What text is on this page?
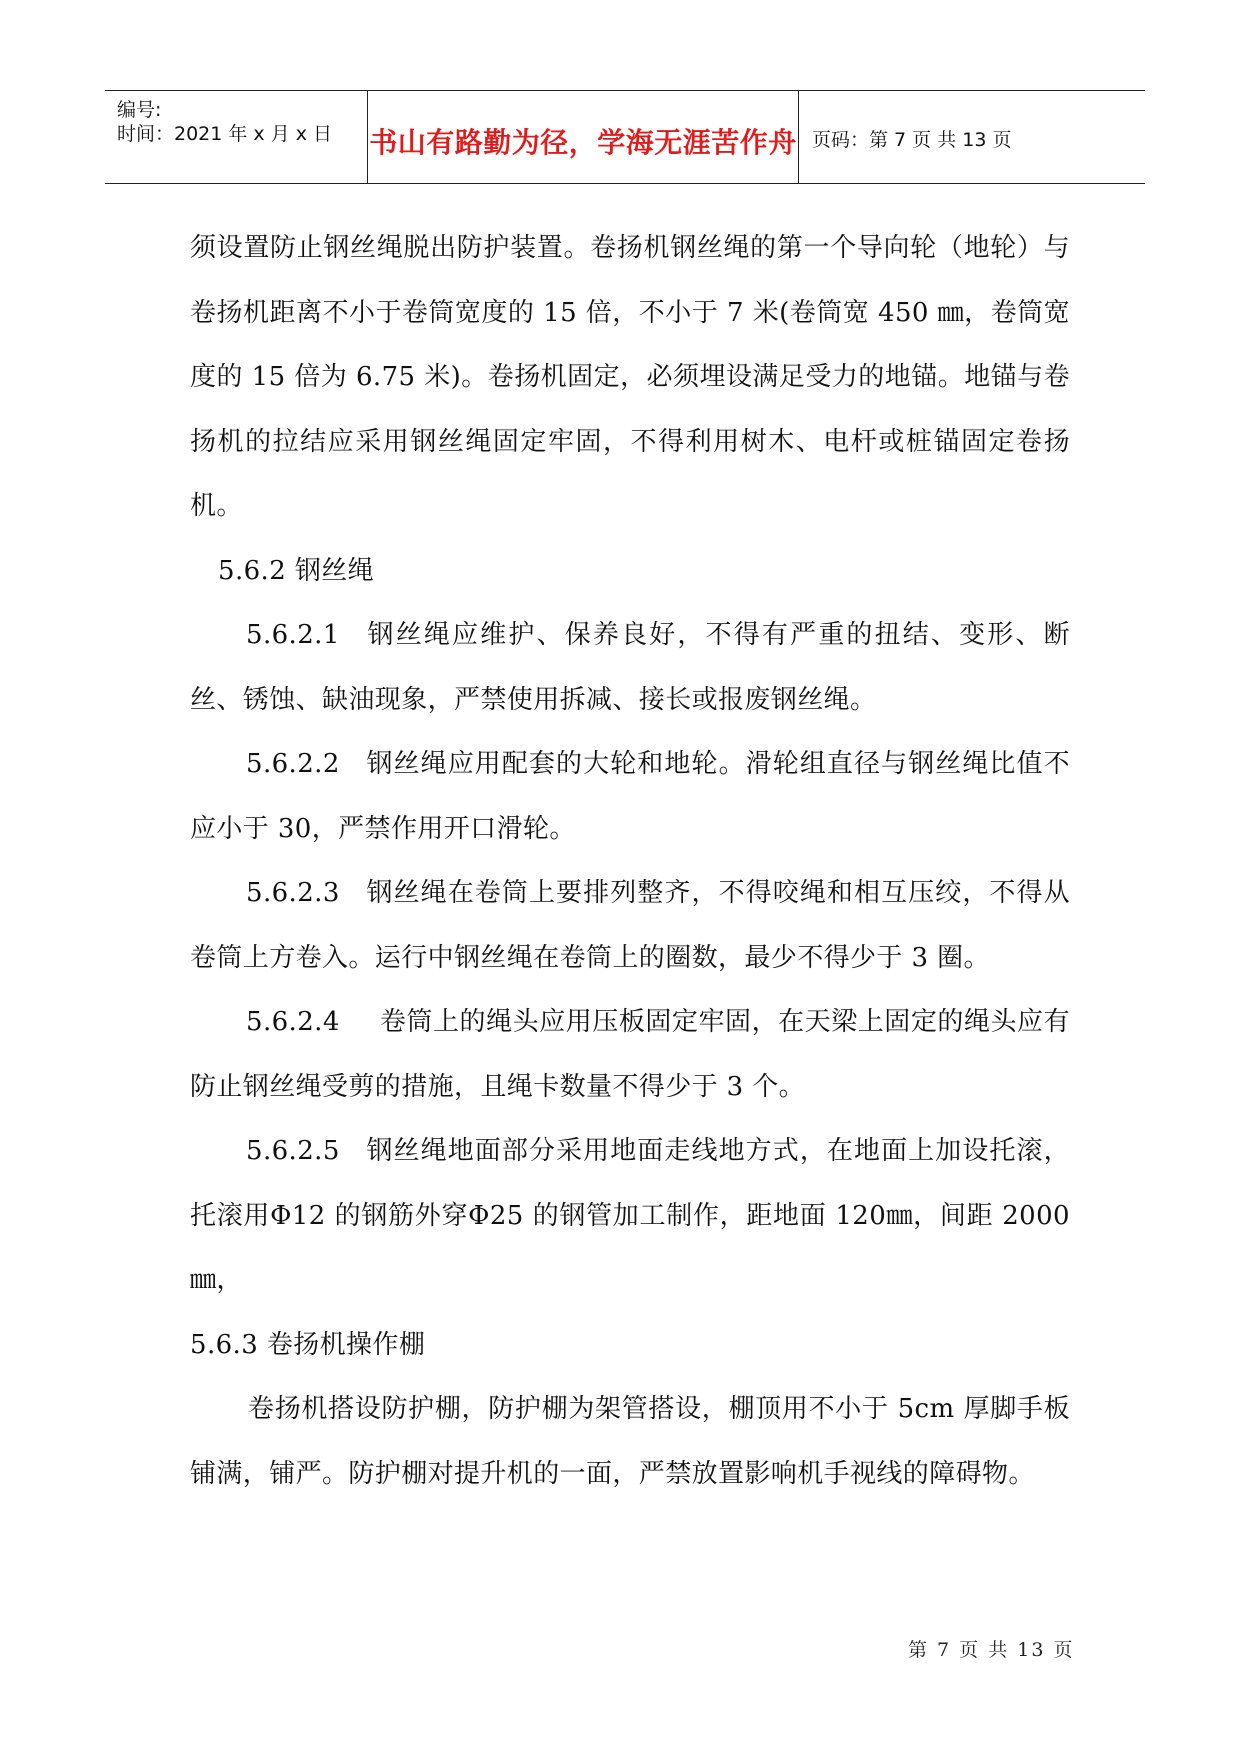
编号:
时间：2021 年 x 月 x 日 书山有路勤为径，学海无涯苦作舟 页码：第 7 页 共 13 页

须设置防止钢丝绳脱出防护装置。卷扬机钢丝绳的第一个导向轮（地轮）与卷扬机距离不小于卷筒宽度的 15 倍，不小于 7 米(卷筒宽 450 ㎜，卷筒宽度的 15 倍为 6.75 米)。卷扬机固定，必须埋设满足受力的地锚。地锚与卷扬机的拉结应采用钢丝绳固定牢固，不得利用树木、电杆或桩锚固定卷扬机。

5.6.2 钢丝绳

5.6.2.1 钢丝绳应维护、保养良好，不得有严重的扭结、变形、断丝、锈蚀、缺油现象，严禁使用拆减、接长或报废钢丝绳。

5.6.2.2 钢丝绳应用配套的大轮和地轮。滑轮组直径与钢丝绳比值不应小于 30，严禁作用开口滑轮。

5.6.2.3 钢丝绳在卷筒上要排列整齐，不得咬绳和相互压绞，不得从卷筒上方卷入。运行中钢丝绳在卷筒上的圈数，最少不得少于 3 圈。

5.6.2.4 卷筒上的绳头应用压板固定牢固，在天梁上固定的绳头应有防止钢丝绳受剪的措施，且绳卡数量不得少于 3 个。

5.6.2.5 钢丝绳地面部分采用地面走线地方式，在地面上加设托滚，托滚用Φ12 的钢筋外穿Φ25 的钢管加工制作，距地面 120㎜，间距 2000㎜，

5.6.3 卷扬机操作棚

卷扬机搭设防护棚，防护棚为架管搭设，棚顶用不小于 5cm 厚脚手板铺满，铺严。防护棚对提升机的一面，严禁放置影响机手视线的障碍物。

第 7 页 共 13 页
